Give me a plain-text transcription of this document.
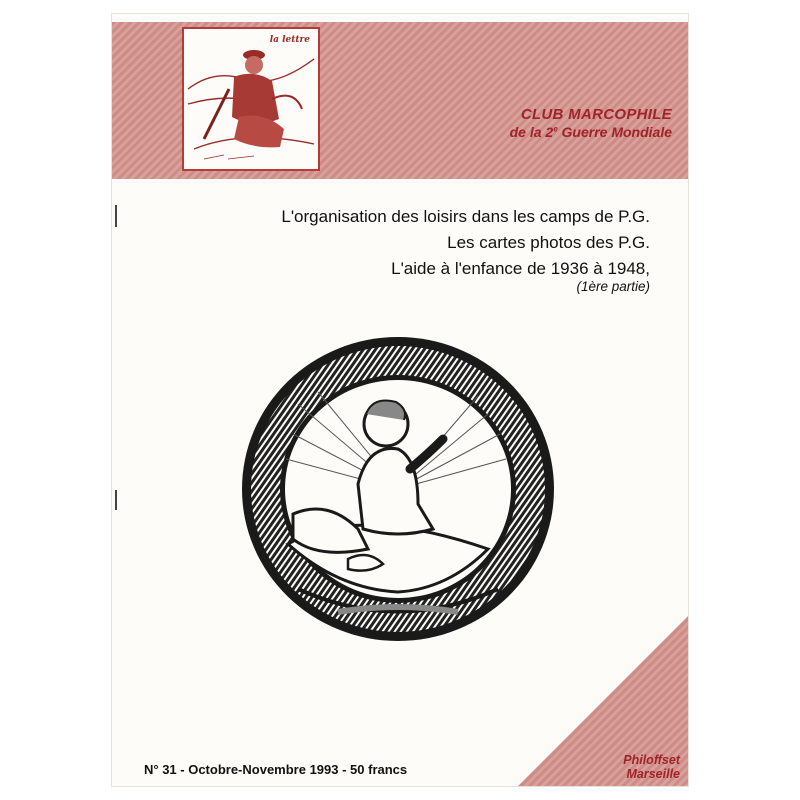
la lettre
CLUB MARCOPHILE
de la 2e Guerre Mondiale
L'organisation des loisirs dans les camps de P.G.
Les cartes photos des P.G.
L'aide à l'enfance de 1936 à 1948,
(1ère partie)
N° 31 - Octobre-Novembre 1993 - 50 francs
Philoffset
Marseille
